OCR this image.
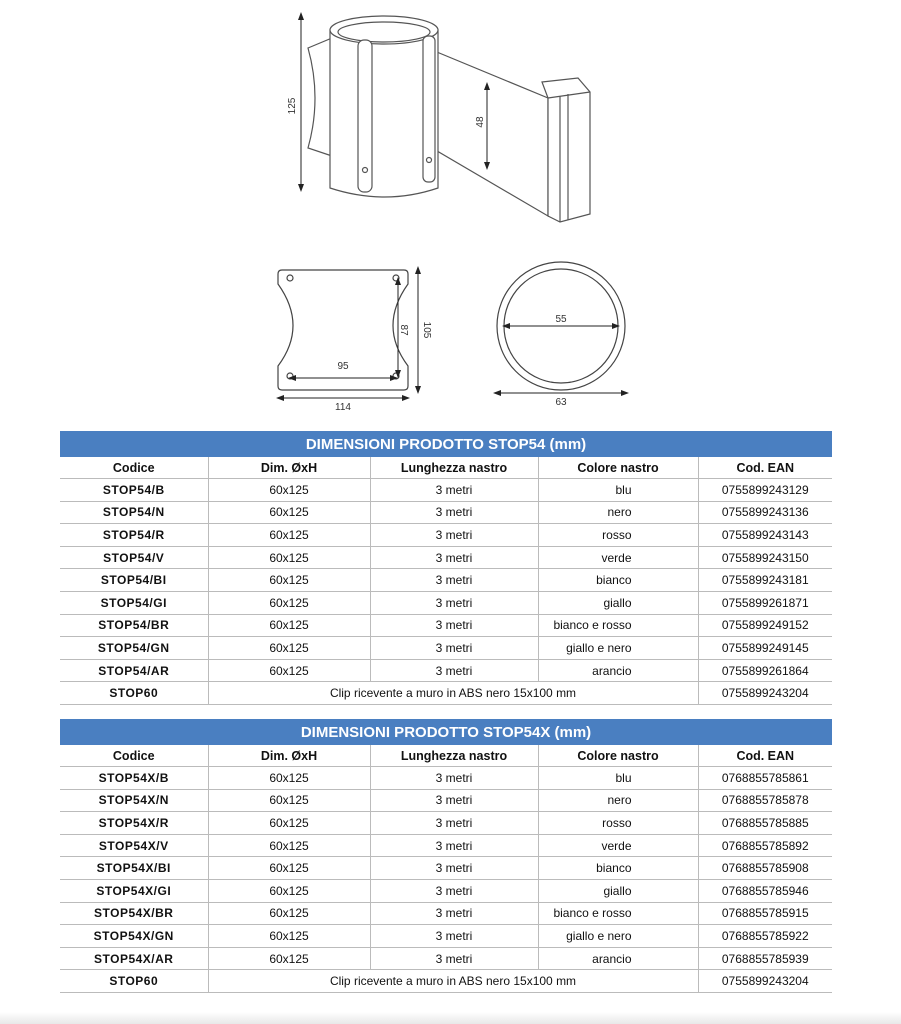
125
48
95
87 105
114
55
63
DIMENSIONI PRODOTTO STOP54 (mm)				
Codice	Dim. ØxH	Lunghezza nastro	Colore nastro	Cod. EAN
STOP54/B	60x125	3 metri	blu	0755899243129
STOP54/N	60x125	3 metri	nero	0755899243136
STOP54/R	60x125	3 metri	rosso	0755899243143
STOP54/V	60x125	3 metri	verde	0755899243150
STOP54/BI	60x125	3 metri	bianco	0755899243181
STOP54/GI	60x125	3 metri	giallo	0755899261871
STOP54/BR	60x125	3 metri	bianco e rosso	0755899249152
STOP54/GN	60x125	3 metri	giallo e nero	0755899249145
STOP54/AR	60x125	3 metri	arancio	0755899261864
STOP60	Clip ricevente a muro in ABS nero 15x100 mm			0755899243204
DIMENSIONI PRODOTTO STOP54X (mm)				
Codice	Dim. ØxH	Lunghezza nastro	Colore nastro	Cod. EAN
STOP54X/B	60x125	3 metri	blu	0768855785861
STOP54X/N	60x125	3 metri	nero	0768855785878
STOP54X/R	60x125	3 metri	rosso	0768855785885
STOP54X/V	60x125	3 metri	verde	0768855785892
STOP54X/BI	60x125	3 metri	bianco	0768855785908
STOP54X/GI	60x125	3 metri	giallo	0768855785946
STOP54X/BR	60x125	3 metri	bianco e rosso	0768855785915
STOP54X/GN	60x125	3 metri	giallo e nero	0768855785922
STOP54X/AR	60x125	3 metri	arancio	0768855785939
STOP60	Clip ricevente a muro in ABS nero 15x100 mm			0755899243204
